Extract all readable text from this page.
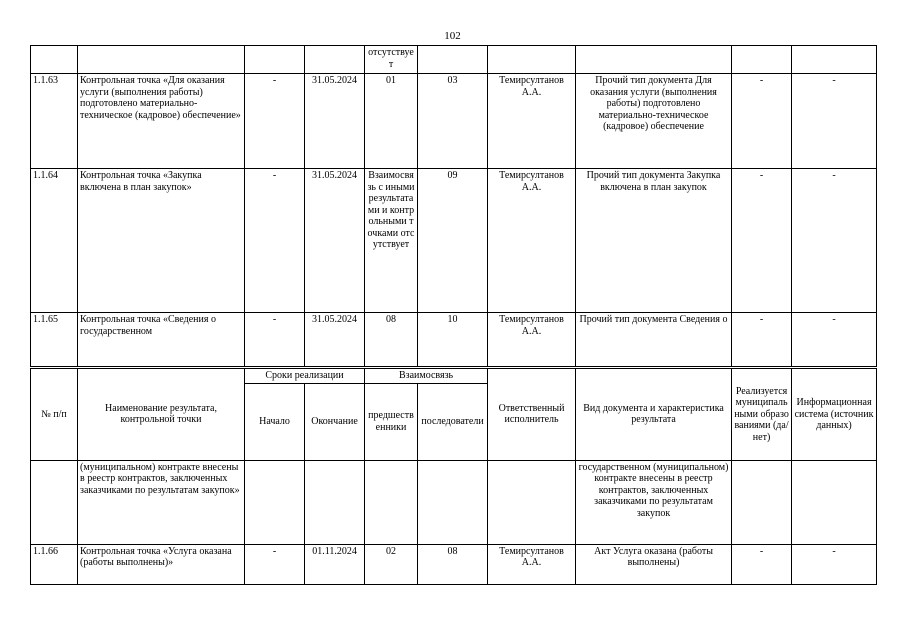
102
				отсутствует					
1.1.63	Контрольная точка «Для оказания услуги (выполнения работы) подготовлено материально-техническое (кадровое) обеспечение»	-	31.05.2024	01	03	Темирсултанов А.А.	Прочий тип документа Для оказания услуги (выполнения работы) подготовлено материально-техническое (кадровое) обеспечение	-	-
1.1.64	Контрольная точка «Закупка включена в план закупок»	-	31.05.2024	Взаимосвязь с иными результатами и контрольными точками отсутствует	09	Темирсултанов А.А.	Прочий тип документа Закупка включена в план закупок	-	-
1.1.65	Контрольная точка «Сведения о государственном	-	31.05.2024	08	10	Темирсултанов А.А.	Прочий тип документа Сведения о	-	-
№ п/п	Наименование результата, контрольной точки	Сроки реализации		Взаимосвязь		Ответственный исполнитель	Вид документа и характеристика результата	Реализуется муниципальными образованиями (да/нет)	Информационная система (источник данных)
		Начало	Окончание	предшественники	последователи				
	(муниципальном) контракте внесены в реестр контрактов, заключенных заказчиками по результатам закупок»						государственном (муниципальном) контракте внесены в реестр контрактов, заключенных заказчиками по результатам закупок		
1.1.66	Контрольная точка «Услуга оказана (работы выполнены)»	-	01.11.2024	02	08	Темирсултанов А.А.	Акт Услуга оказана (работы выполнены)	-	-
